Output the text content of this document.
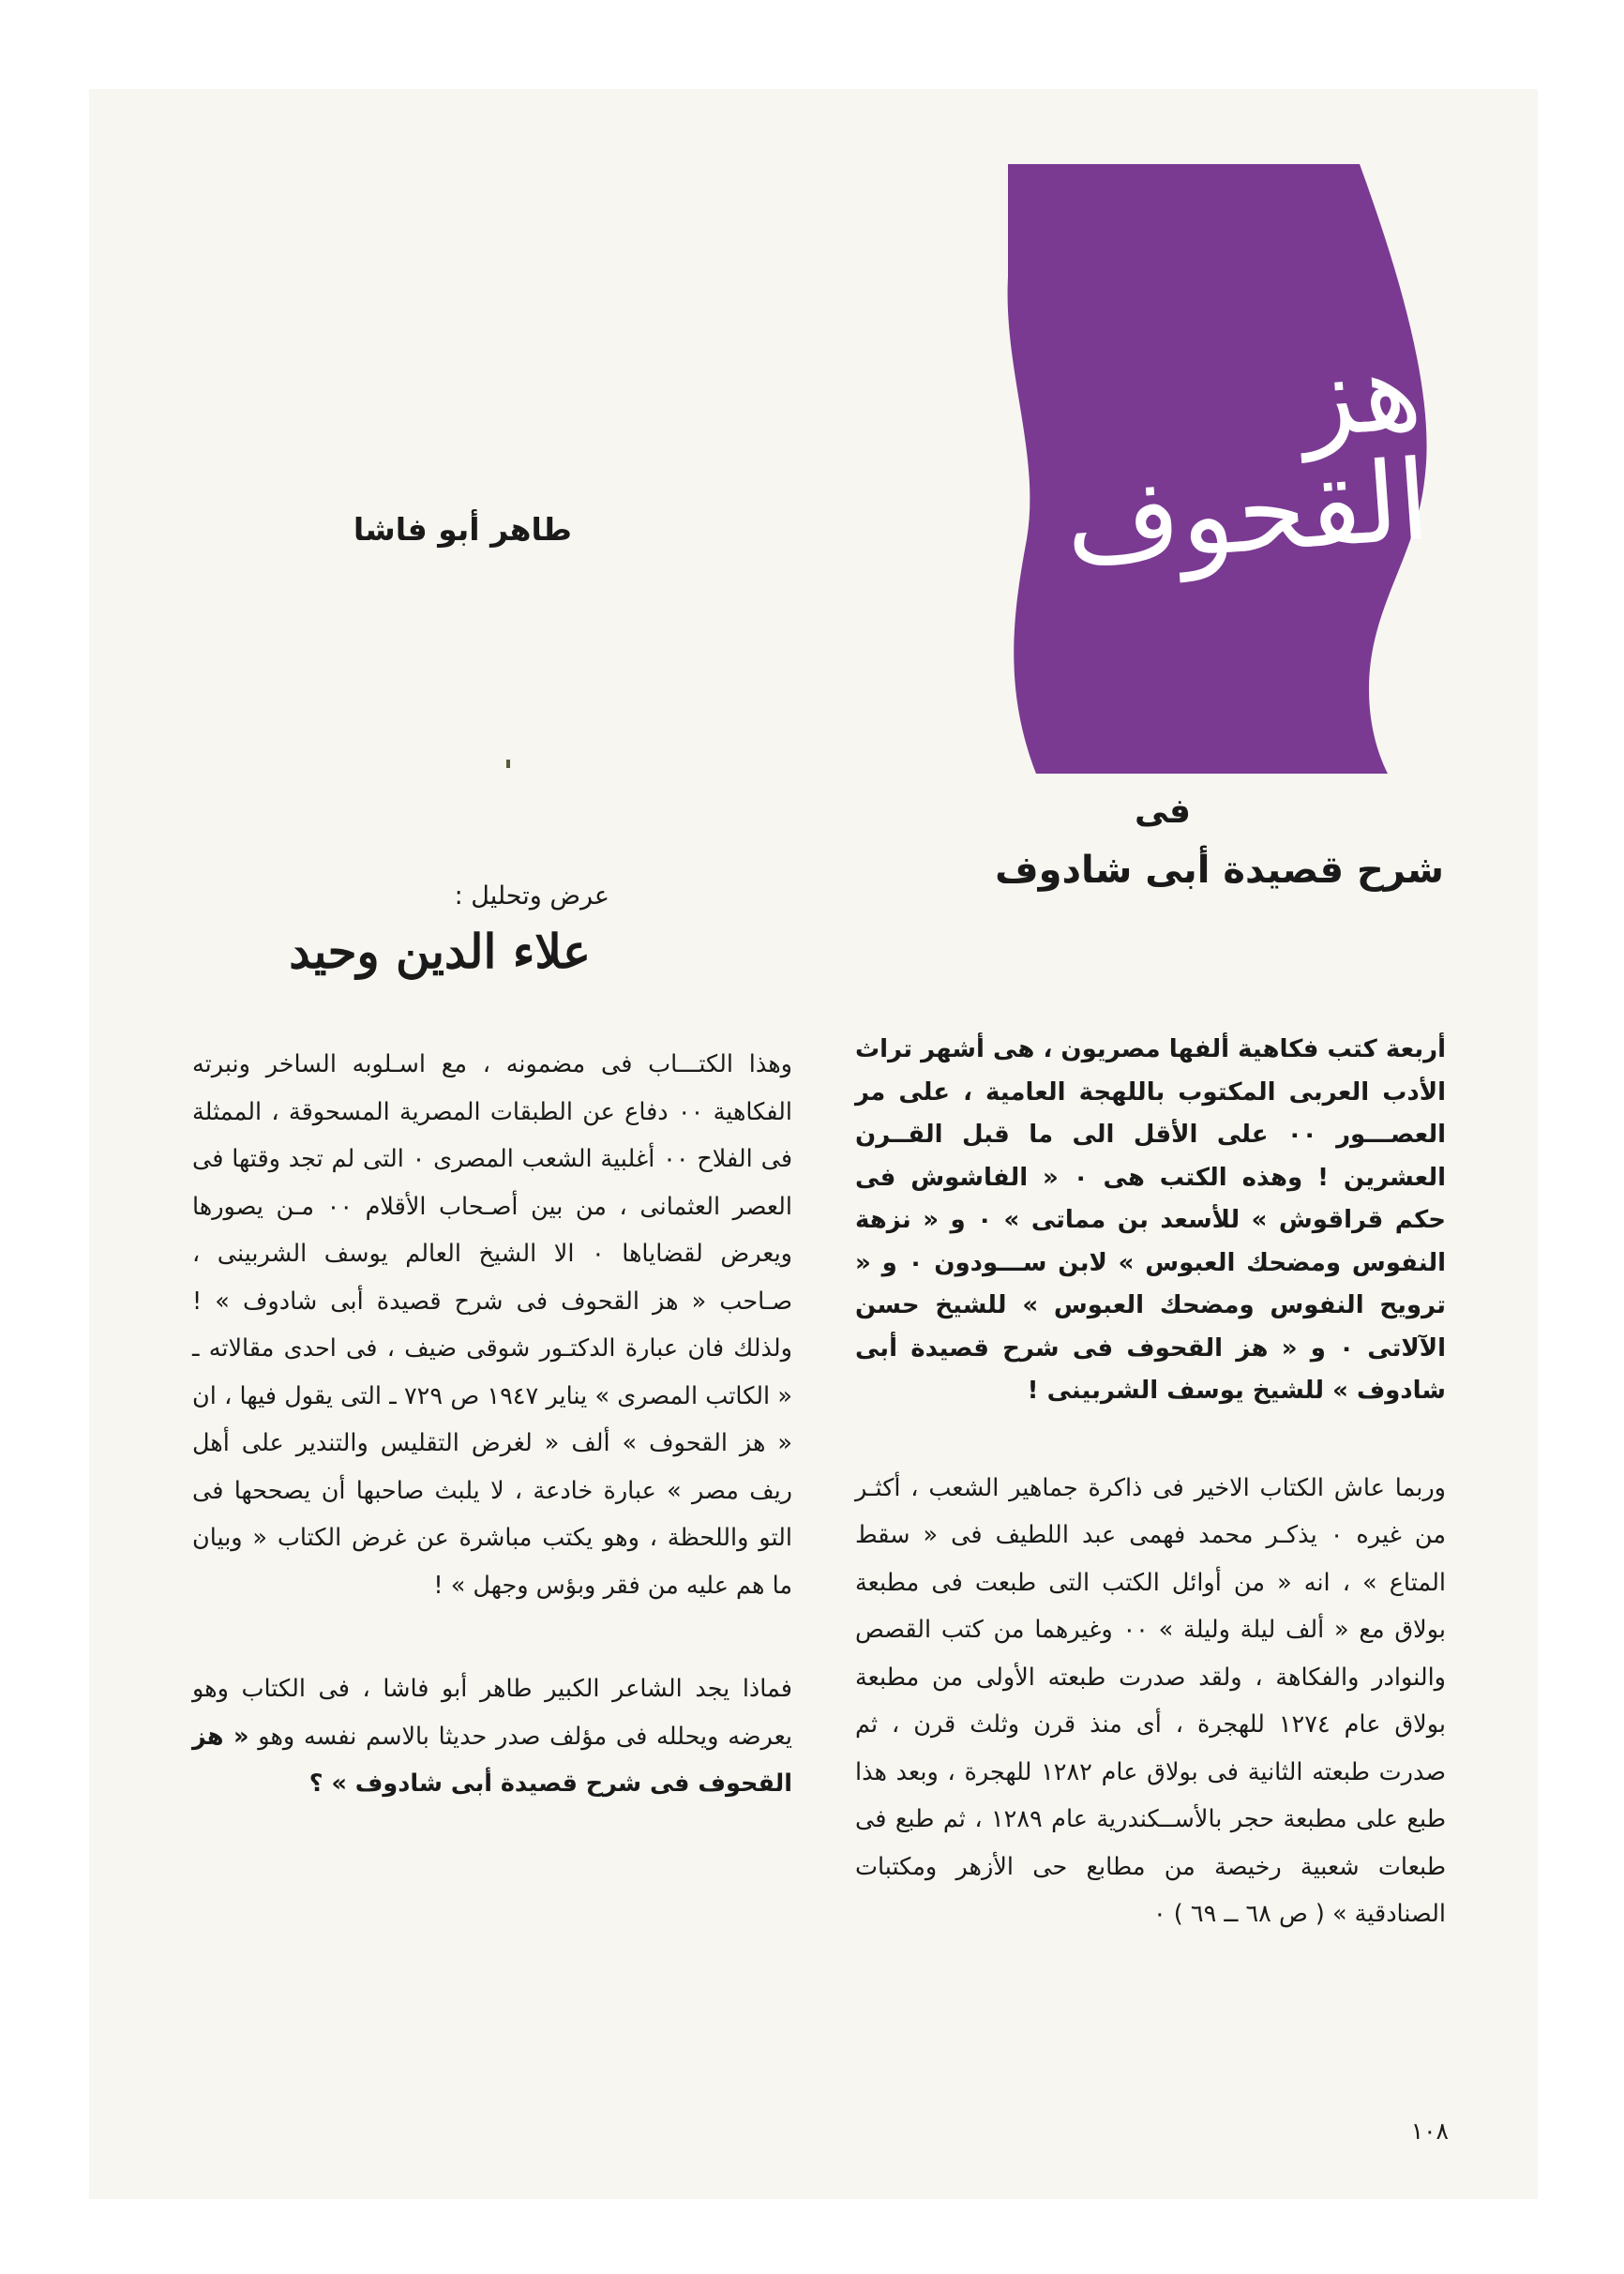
هز القحوف
طاهر أبو فاشا
فى
شرح قصيدة أبى شادوف
عرض وتحليل :
علاء الدين وحيد

أربعة كتب فكاهية ألفها مصريون ، هى أشهر تراث الأدب العربى المكتوب باللهجة العامية ، على مر العصـــور ٠٠ على الأقل الى ما قبل القــرن العشرين ! وهذه الكتب هى ٠ « الفاشوش فى حكم قراقوش » للأسعد بن مماتى » ٠ و « نزهة النفوس ومضحك العبوس » لابن ســـودون ٠ و « ترويح النفوس ومضحك العبوس » للشيخ حسن الآلاتى ٠ و « هز القحوف فى شرح قصيدة أبى شادوف » للشيخ يوسف الشربينى !

وربما عاش الكتاب الاخير فى ذاكرة جماهير الشعب ، أكثـر من غيره ٠ يذكـر محمد فهمى عبد اللطيف فى « سقط المتاع » ، انه « من أوائل الكتب التى طبعت فى مطبعة بولاق مع « ألف ليلة وليلة » ٠٠ وغيرهما من كتب القصص والنوادر والفكاهة ، ولقد صدرت طبعته الأولى من مطبعة بولاق عام ١٢٧٤ للهجرة ، أى منذ قرن وثلث قرن ، ثم صدرت طبعته الثانية فى بولاق عام ١٢٨٢ للهجرة ، وبعد هذا طبع على مطبعة حجر بالأســكندرية عام ١٢٨٩ ، ثم طبع فى طبعات شعبية رخيصة من مطابع حى الأزهر ومكتبات الصنادقية » ( ص ٦٨ ــ ٦٩ ) ٠

وهذا الكتـــاب فى مضمونه ، مع اسـلوبه الساخر ونبرته الفكاهية ٠٠ دفاع عن الطبقات المصرية المسحوقة ، الممثلة فى الفلاح ٠٠ أغلبية الشعب المصرى ٠ التى لم تجد وقتها فى العصر العثمانى ، من بين أصـحاب الأقلام ٠٠ مـن يصورها ويعرض لقضاياها ٠ الا الشيخ العالم يوسف الشربينى ، صـاحب « هز القحوف فى شرح قصيدة أبى شادوف » ! ولذلك فان عبارة الدكتـور شوقى ضيف ، فى احدى مقالاته ـ « الكاتب المصرى » يناير ١٩٤٧ ص ٧٢٩ ـ التى يقول فيها ، ان « هز القحوف » ألف « لغرض التقليس والتندير على أهل ريف مصر » عبارة خادعة ، لا يلبث صاحبها أن يصححها فى التو واللحظة ، وهو يكتب مباشرة عن غرض الكتاب « وبيان ما هم عليه من فقر وبؤس وجهل » !

فماذا يجد الشاعر الكبير طاهر أبو فاشا ، فى الكتاب وهو يعرضه ويحلله فى مؤلف صدر حديثا بالاسم نفسه وهو « هز القحوف فى شرح قصيدة أبى شادوف » ؟

١٠٨
